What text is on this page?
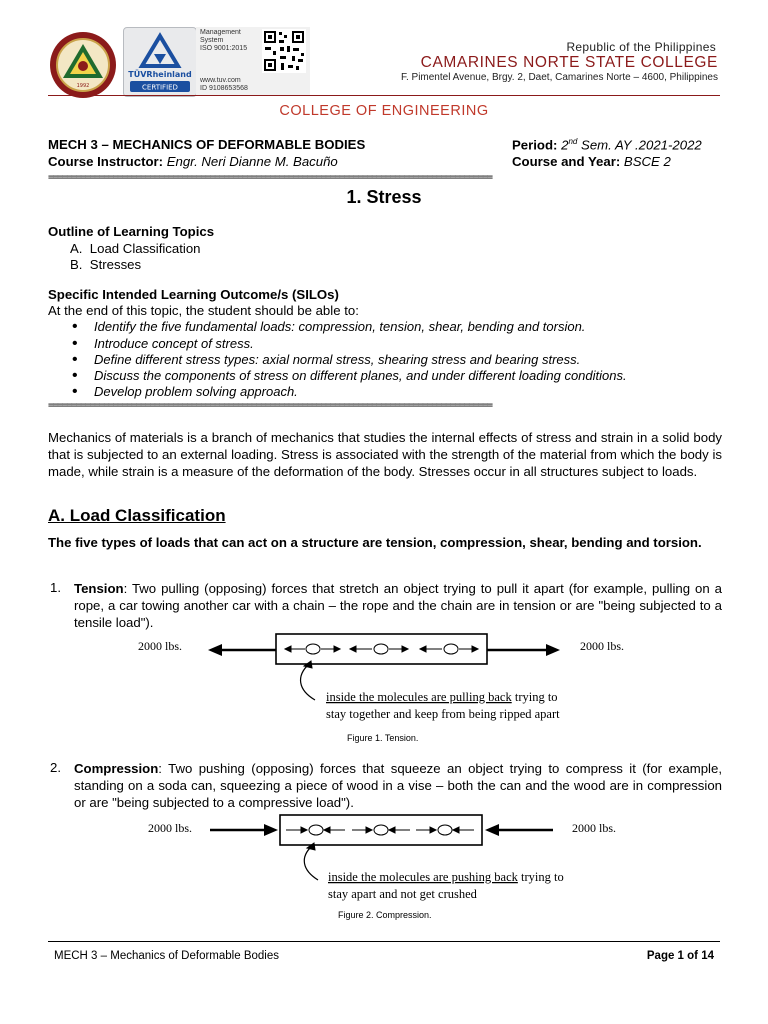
1992
TÜVRheinland
CERTIFIED
Management
System
ISO 9001:2015
www.tuv.com
ID 9108653568
Republic of the Philippines
CAMARINES NORTE STATE COLLEGE
F. Pimentel Avenue, Brgy. 2, Daet, Camarines Norte – 4600, Philippines
COLLEGE OF ENGINEERING
MECH 3 – MECHANICS OF DEFORMABLE BODIES	Period: 2nd Sem. AY .2021-2022
Course Instructor: Engr. Neri Dianne M. Bacuño	Course and Year: BSCE 2
================================================================================================
1. Stress
Outline of Learning Topics
A. Load Classification
B. Stresses
Specific Intended Learning Outcome/s (SILOs)
At the end of this topic, the student should be able to:
• Identify the five fundamental loads: compression, tension, shear, bending and torsion.
• Introduce concept of stress.
• Define different stress types: axial normal stress, shearing stress and bearing stress.
• Discuss the components of stress on different planes, and under different loading conditions.
• Develop problem solving approach.
================================================================================================
Mechanics of materials is a branch of mechanics that studies the internal effects of stress and strain in a solid body that is subjected to an external loading. Stress is associated with the strength of the material from which the body is made, while strain is a measure of the deformation of the body. Stresses occur in all structures subject to loads.
A. Load Classification
The five types of loads that can act on a structure are tension, compression, shear, bending and torsion.
1. Tension: Two pulling (opposing) forces that stretch an object trying to pull it apart (for example, pulling on a rope, a car towing another car with a chain – the rope and the chain are in tension or are "being subjected to a tensile load").
2000 lbs.	2000 lbs.
inside the molecules are pulling back trying to
stay together and keep from being ripped apart
Figure 1. Tension.
2. Compression: Two pushing (opposing) forces that squeeze an object trying to compress it (for example, standing on a soda can, squeezing a piece of wood in a vise – both the can and the wood are in compression or are "being subjected to a compressive load").
2000 lbs.	2000 lbs.
inside the molecules are pushing back trying to
stay apart and not get crushed
Figure 2. Compression.
MECH 3 – Mechanics of Deformable Bodies	Page 1 of 14
